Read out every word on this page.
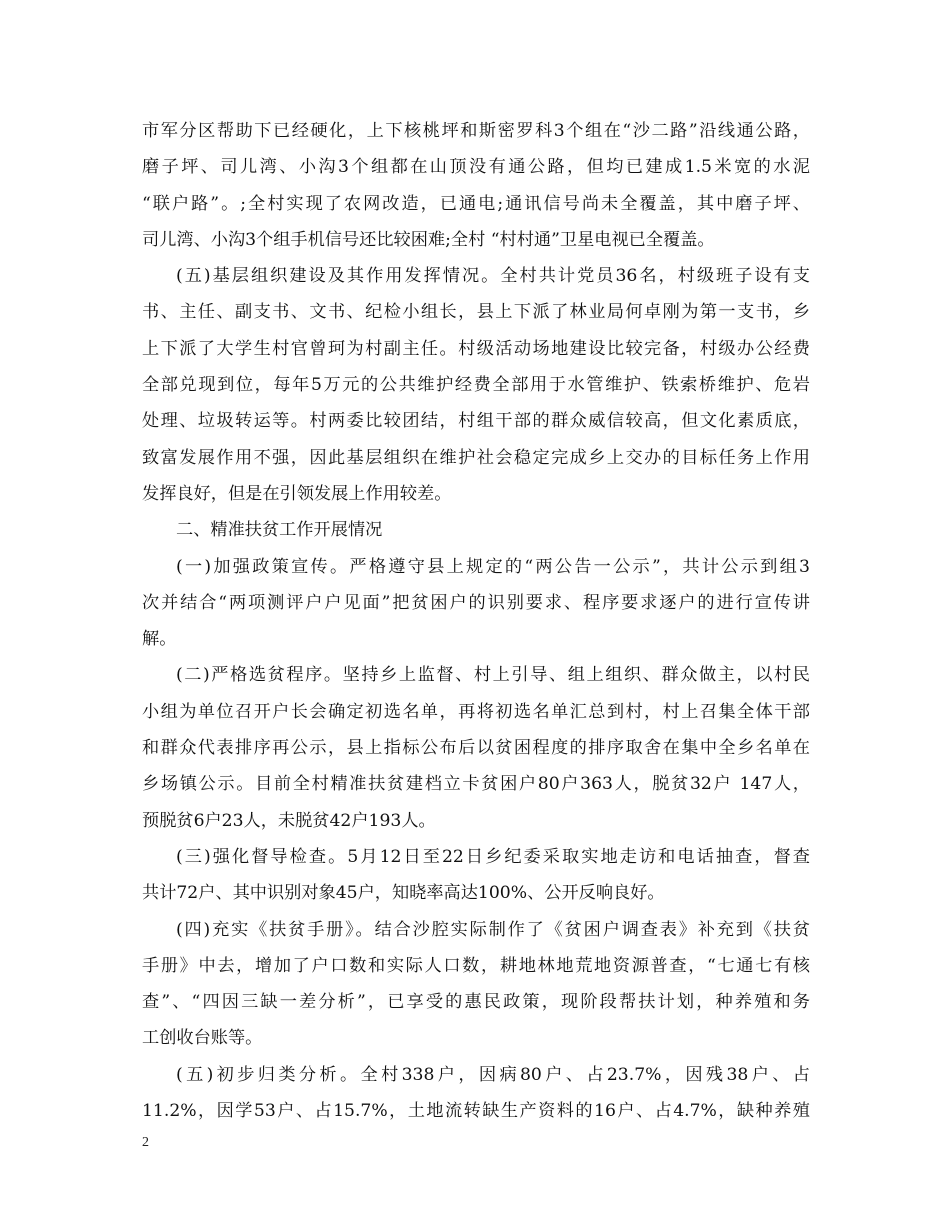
市军分区帮助下已经硬化，上下核桃坪和斯密罗科3个组在“沙二路”沿线通公路，
磨子坪、司儿湾、小沟3个组都在山顶没有通公路，但均已建成1.5米宽的水泥
“联户路”。;全村实现了农网改造，已通电;通讯信号尚未全覆盖，其中磨子坪、
司儿湾、小沟3个组手机信号还比较困难;全村 “村村通”卫星电视已全覆盖。
(五)基层组织建设及其作用发挥情况。全村共计党员36名，村级班子设有支
书、主任、副支书、文书、纪检小组长，县上下派了林业局何卓刚为第一支书，乡
上下派了大学生村官曾珂为村副主任。村级活动场地建设比较完备，村级办公经费
全部兑现到位，每年5万元的公共维护经费全部用于水管维护、铁索桥维护、危岩
处理、垃圾转运等。村两委比较团结，村组干部的群众威信较高，但文化素质底，
致富发展作用不强，因此基层组织在维护社会稳定完成乡上交办的目标任务上作用
发挥良好，但是在引领发展上作用较差。
二、精准扶贫工作开展情况
(一)加强政策宣传。严格遵守县上规定的“两公告一公示”，共计公示到组3
次并结合“两项测评户户见面”把贫困户的识别要求、程序要求逐户的进行宣传讲
解。
(二)严格选贫程序。坚持乡上监督、村上引导、组上组织、群众做主，以村民
小组为单位召开户长会确定初选名单，再将初选名单汇总到村，村上召集全体干部
和群众代表排序再公示，县上指标公布后以贫困程度的排序取舍在集中全乡名单在
乡场镇公示。目前全村精准扶贫建档立卡贫困户80户363人，脱贫32户 147人，
预脱贫6户23人，未脱贫42户193人。
(三)强化督导检查。5月12日至22日乡纪委采取实地走访和电话抽查，督查
共计72户、其中识别对象45户，知晓率高达100%、公开反响良好。
(四)充实《扶贫手册》。结合沙腔实际制作了《贫困户调查表》补充到《扶贫
手册》中去，增加了户口数和实际人口数，耕地林地荒地资源普查，“七通七有核
查”、“四因三缺一差分析”，已享受的惠民政策，现阶段帮扶计划，种养殖和务
工创收台账等。
(五)初步归类分析。全村338户，因病80户、占23.7%，因残38户、占
11.2%，因学53户、占15.7%，土地流转缺生产资料的16户、占4.7%，缺种养殖
2
